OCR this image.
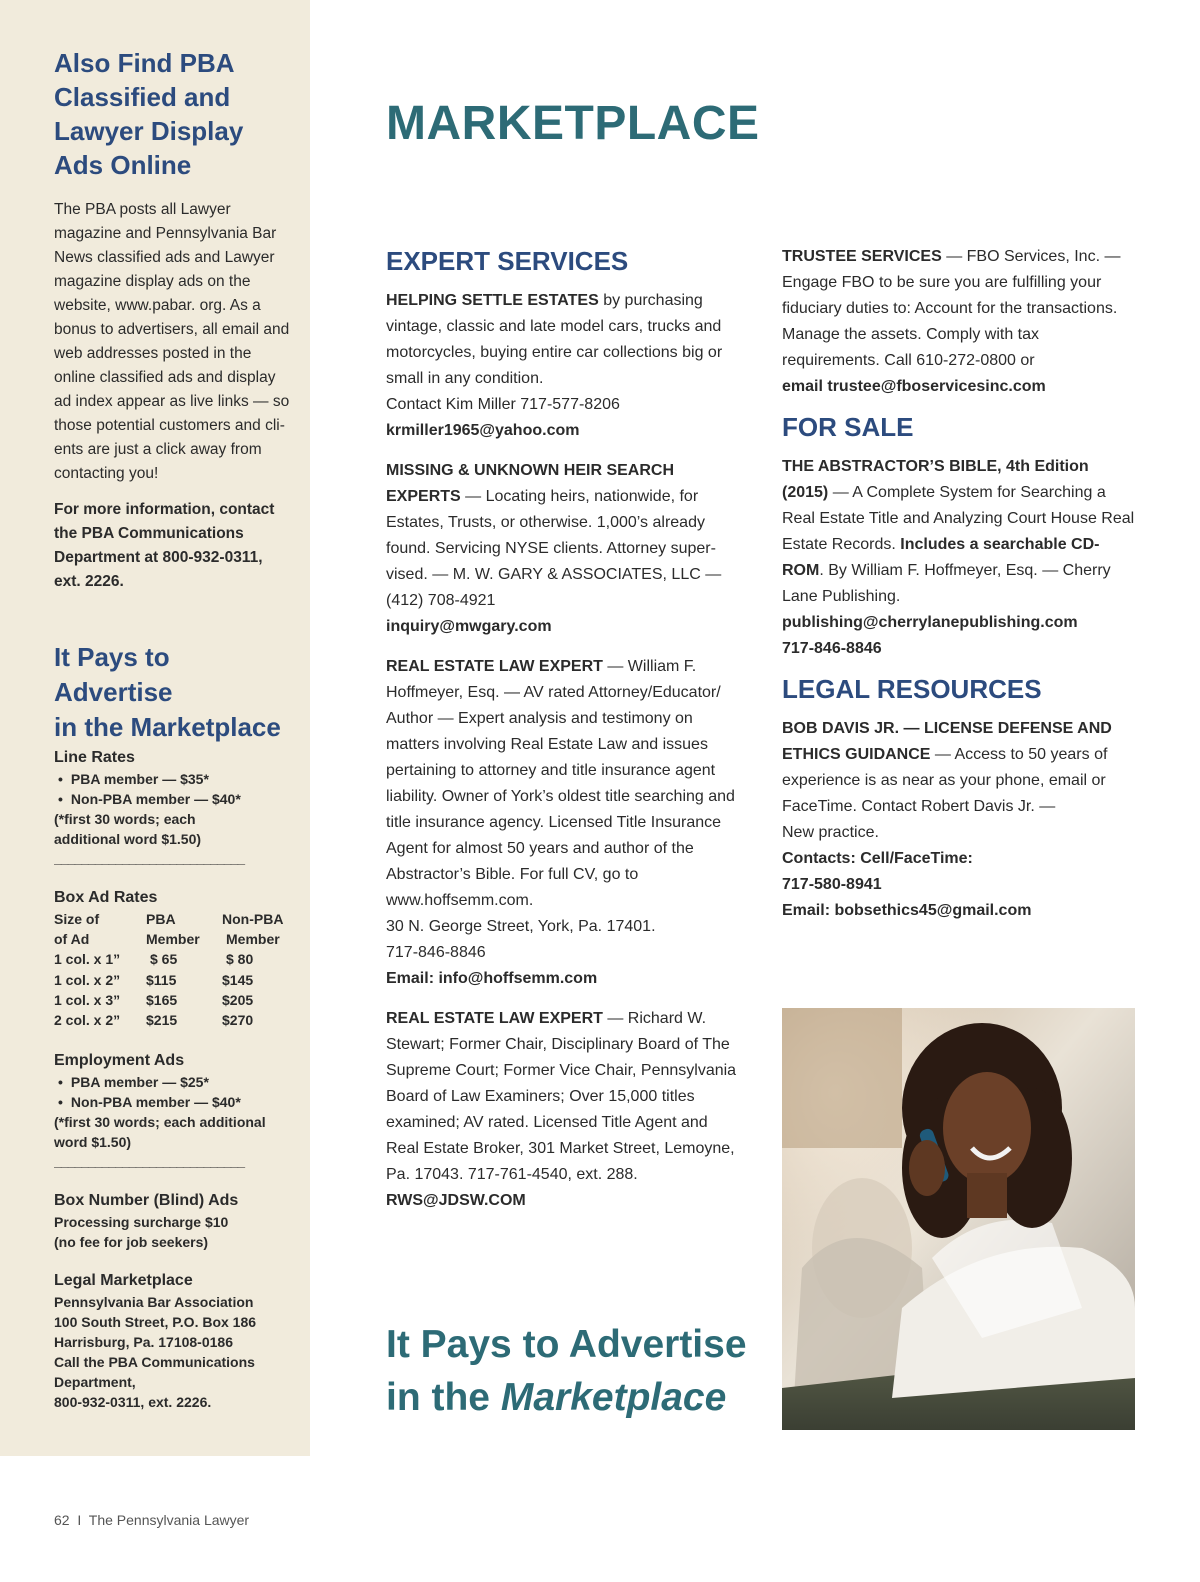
Also Find PBA
Classified and
Lawyer Display
Ads Online

The PBA posts all Lawyer magazine and Pennsylvania Bar News classified ads and Lawyer magazine display ads on the website, www.pabar. org. As a bonus to advertisers, all email and web addresses posted in the online classified ads and display ad index appear as live links — so those potential customers and clients are just a click away from contacting you!

For more information, contact the PBA Communications Department at 800-932-0311, ext. 2226.

It Pays to Advertise
in the Marketplace
Line Rates
• PBA member — $35*
• Non-PBA member — $40*
(*first 30 words; each
additional word $1.50)
____________________________
Box Ad Rates
Size of	PBA	Non-PBA
of Ad	Member	Member
1 col. x 1”	$ 65	$ 80
1 col. x 2”	$115	$145
1 col. x 3”	$165	$205
2 col. x 2”	$215	$270
Employment Ads
• PBA member — $25*
• Non-PBA member — $40*
(*first 30 words; each additional
word $1.50)
____________________________
Box Number (Blind) Ads
Processing surcharge $10
(no fee for job seekers)
Legal Marketplace
Pennsylvania Bar Association
100 South Street, P.O. Box 186
Harrisburg, Pa. 17108-0186
Call the PBA Communications
Department,
800-932-0311, ext. 2226.
MARKETPLACE
EXPERT SERVICES

HELPING SETTLE ESTATES by purchasing vintage, classic and late model cars, trucks and motorcycles, buying entire car collections big or small in any condition.
Contact Kim Miller 717-577-8206
krmiller1965@yahoo.com

MISSING & UNKNOWN HEIR SEARCH EXPERTS — Locating heirs, nationwide, for Estates, Trusts, or otherwise. 1,000’s already found. Servicing NYSE clients. Attorney supervised. — M. W. GARY & ASSOCIATES, LLC — (412) 708-4921
inquiry@mwgary.com

REAL ESTATE LAW EXPERT — William F. Hoffmeyer, Esq. — AV rated Attorney/Educator/ Author — Expert analysis and testimony on matters involving Real Estate Law and issues pertaining to attorney and title insurance agent liability. Owner of York’s oldest title searching and title insurance agency. Licensed Title Insurance Agent for almost 50 years and author of the Abstractor’s Bible. For full CV, go to www.hoffsemm.com.
30 N. George Street, York, Pa. 17401.
717-846-8846
Email: info@hoffsemm.com

REAL ESTATE LAW EXPERT — Richard W. Stewart; Former Chair, Disciplinary Board of The Supreme Court; Former Vice Chair, Pennsylvania Board of Law Examiners; Over 15,000 titles examined; AV rated. Licensed Title Agent and Real Estate Broker, 301 Market Street, Lemoyne, Pa. 17043. 717-761-4540, ext. 288.
RWS@JDSW.COM

TRUSTEE SERVICES — FBO Services, Inc. — Engage FBO to be sure you are fulfilling your fiduciary duties to: Account for the transactions. Manage the assets. Comply with tax requirements. Call 610-272-0800 or
email trustee@fboservicesinc.com

FOR SALE

THE ABSTRACTOR’S BIBLE, 4th Edition (2015) — A Complete System for Searching a Real Estate Title and Analyzing Court House Real Estate Records. Includes a searchable CD-ROM. By William F. Hoffmeyer, Esq. — Cherry Lane Publishing.
publishing@cherrylanepublishing.com
717-846-8846

LEGAL RESOURCES

BOB DAVIS JR. — LICENSE DEFENSE AND ETHICS GUIDANCE — Access to 50 years of experience is as near as your phone, email or FaceTime. Contact Robert Davis Jr. —
New practice.
Contacts: Cell/FaceTime:
717-580-8941
Email: bobsethics45@gmail.com

It Pays to Advertise
in the Marketplace
62 I The Pennsylvania Lawyer
